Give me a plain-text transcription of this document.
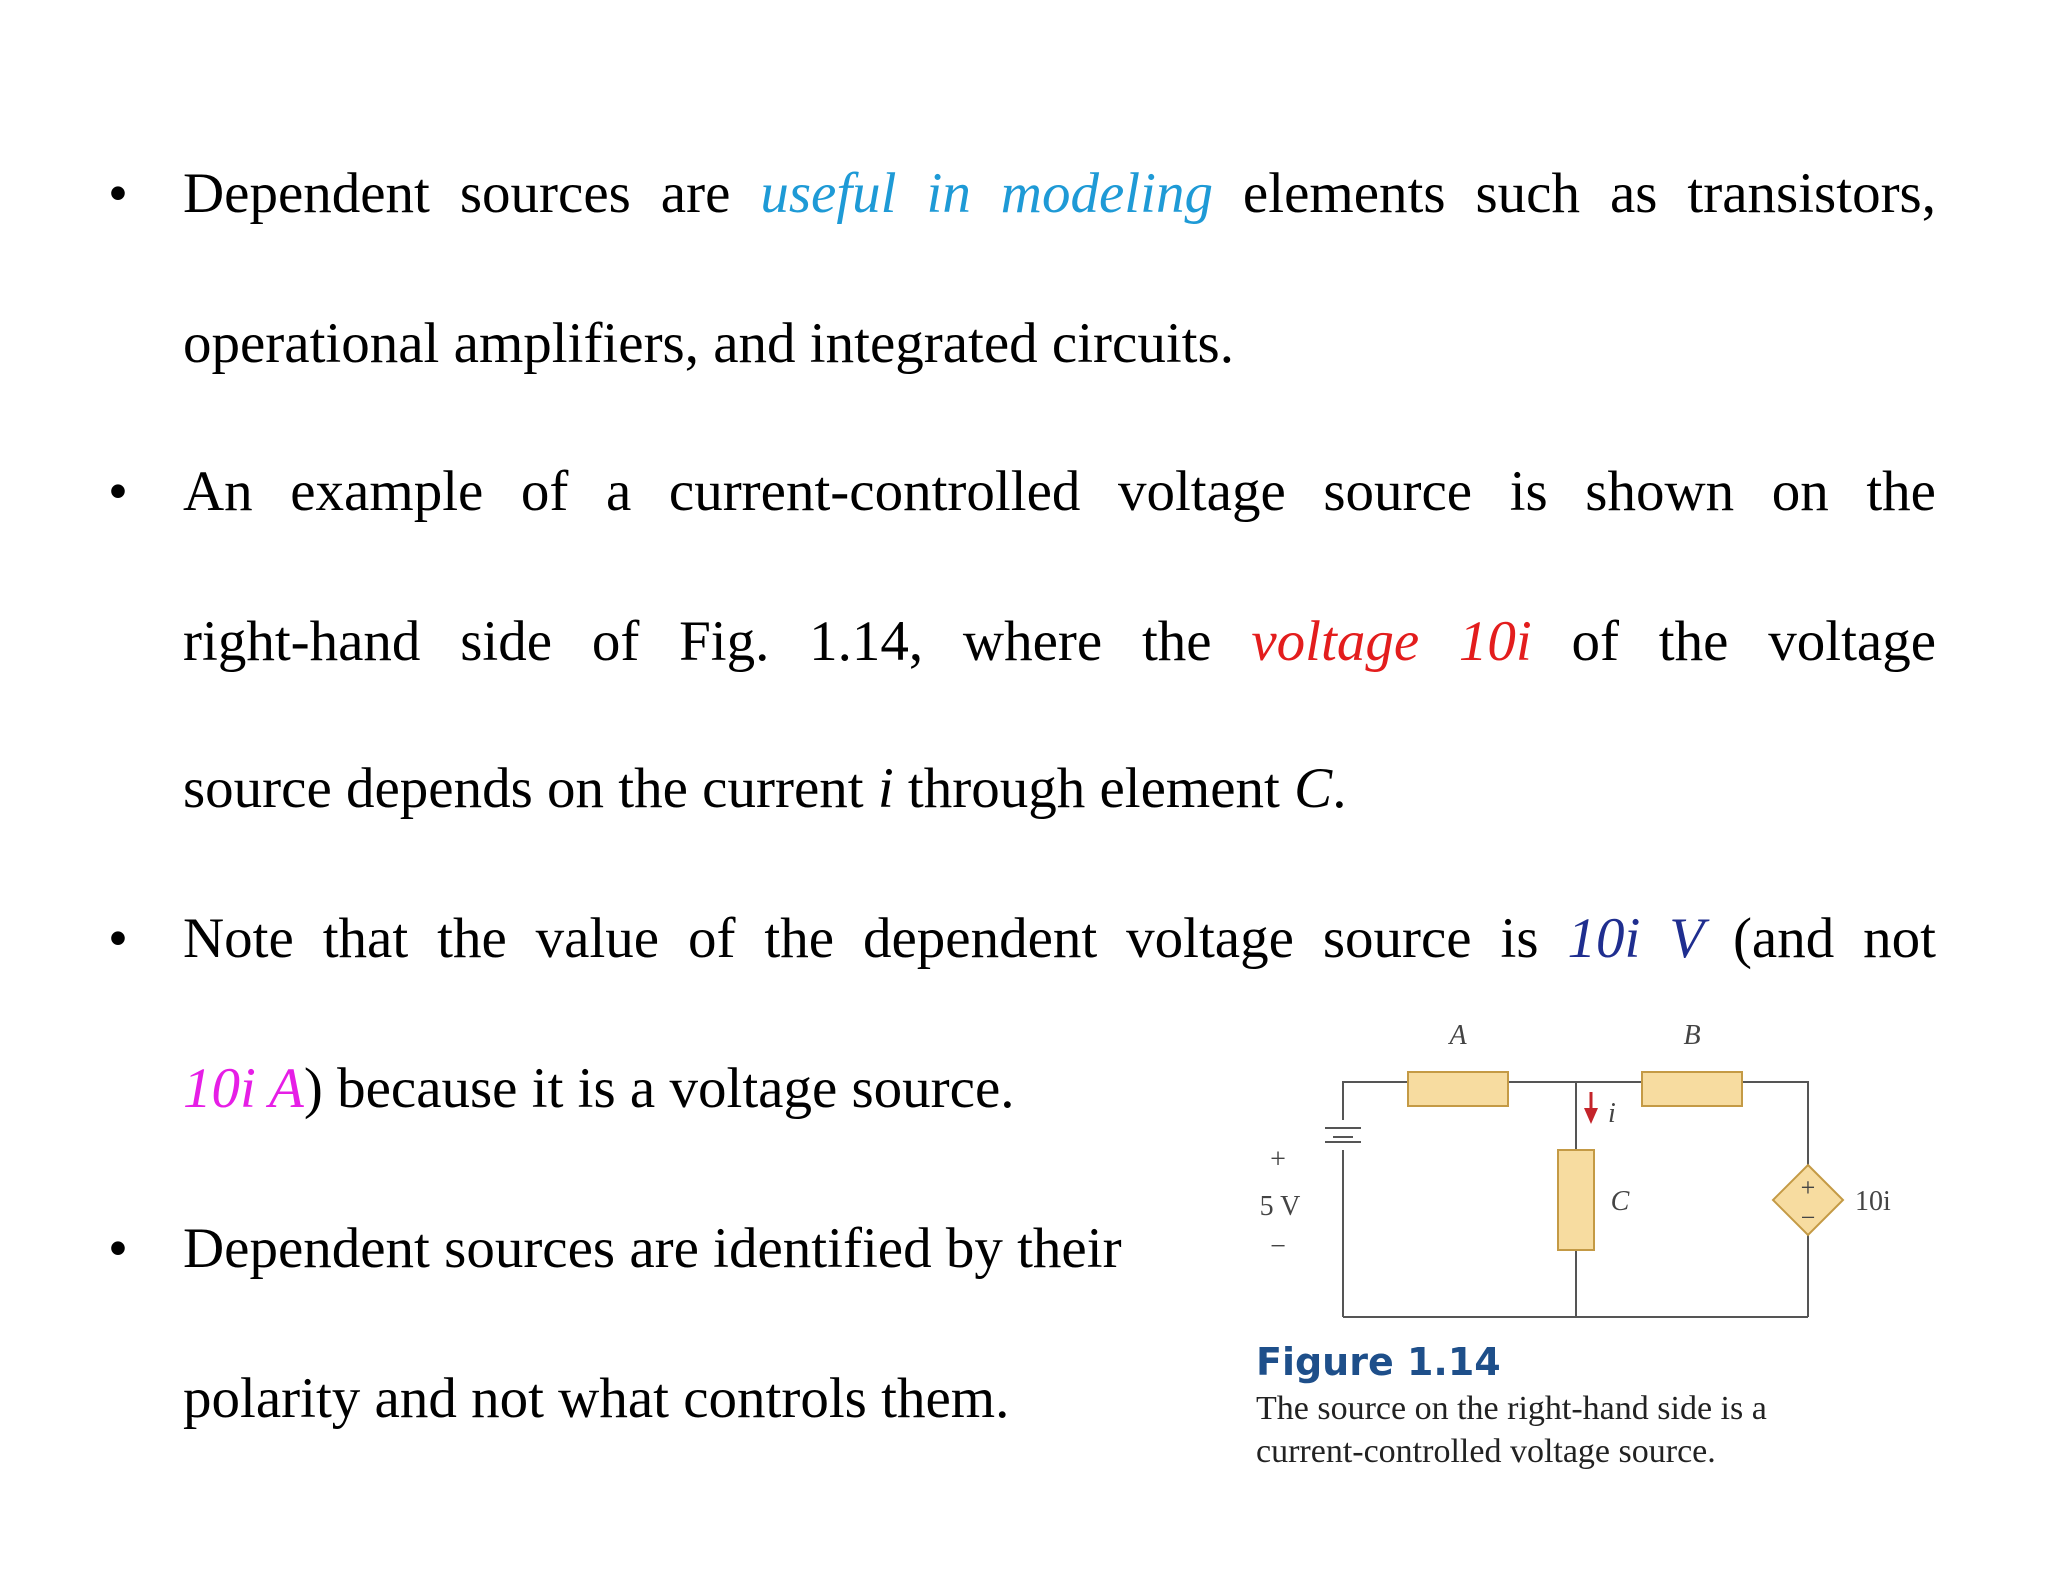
• Dependent sources are useful in modeling elements such as transistors,
operational amplifiers, and integrated circuits.
• An example of a current-controlled voltage source is shown on the
right-hand side of Fig. 1.14, where the voltage 10i of the voltage
source depends on the current i through element C.
• Note that the value of the dependent voltage source is 10i V (and not
10i A) because it is a voltage source.
• Dependent sources are identified by their
polarity and not what controls them.
A	B
C
i
+
5 V
−
+
−
10i
Figure 1.14
The source on the right-hand side is a current-controlled voltage source.
